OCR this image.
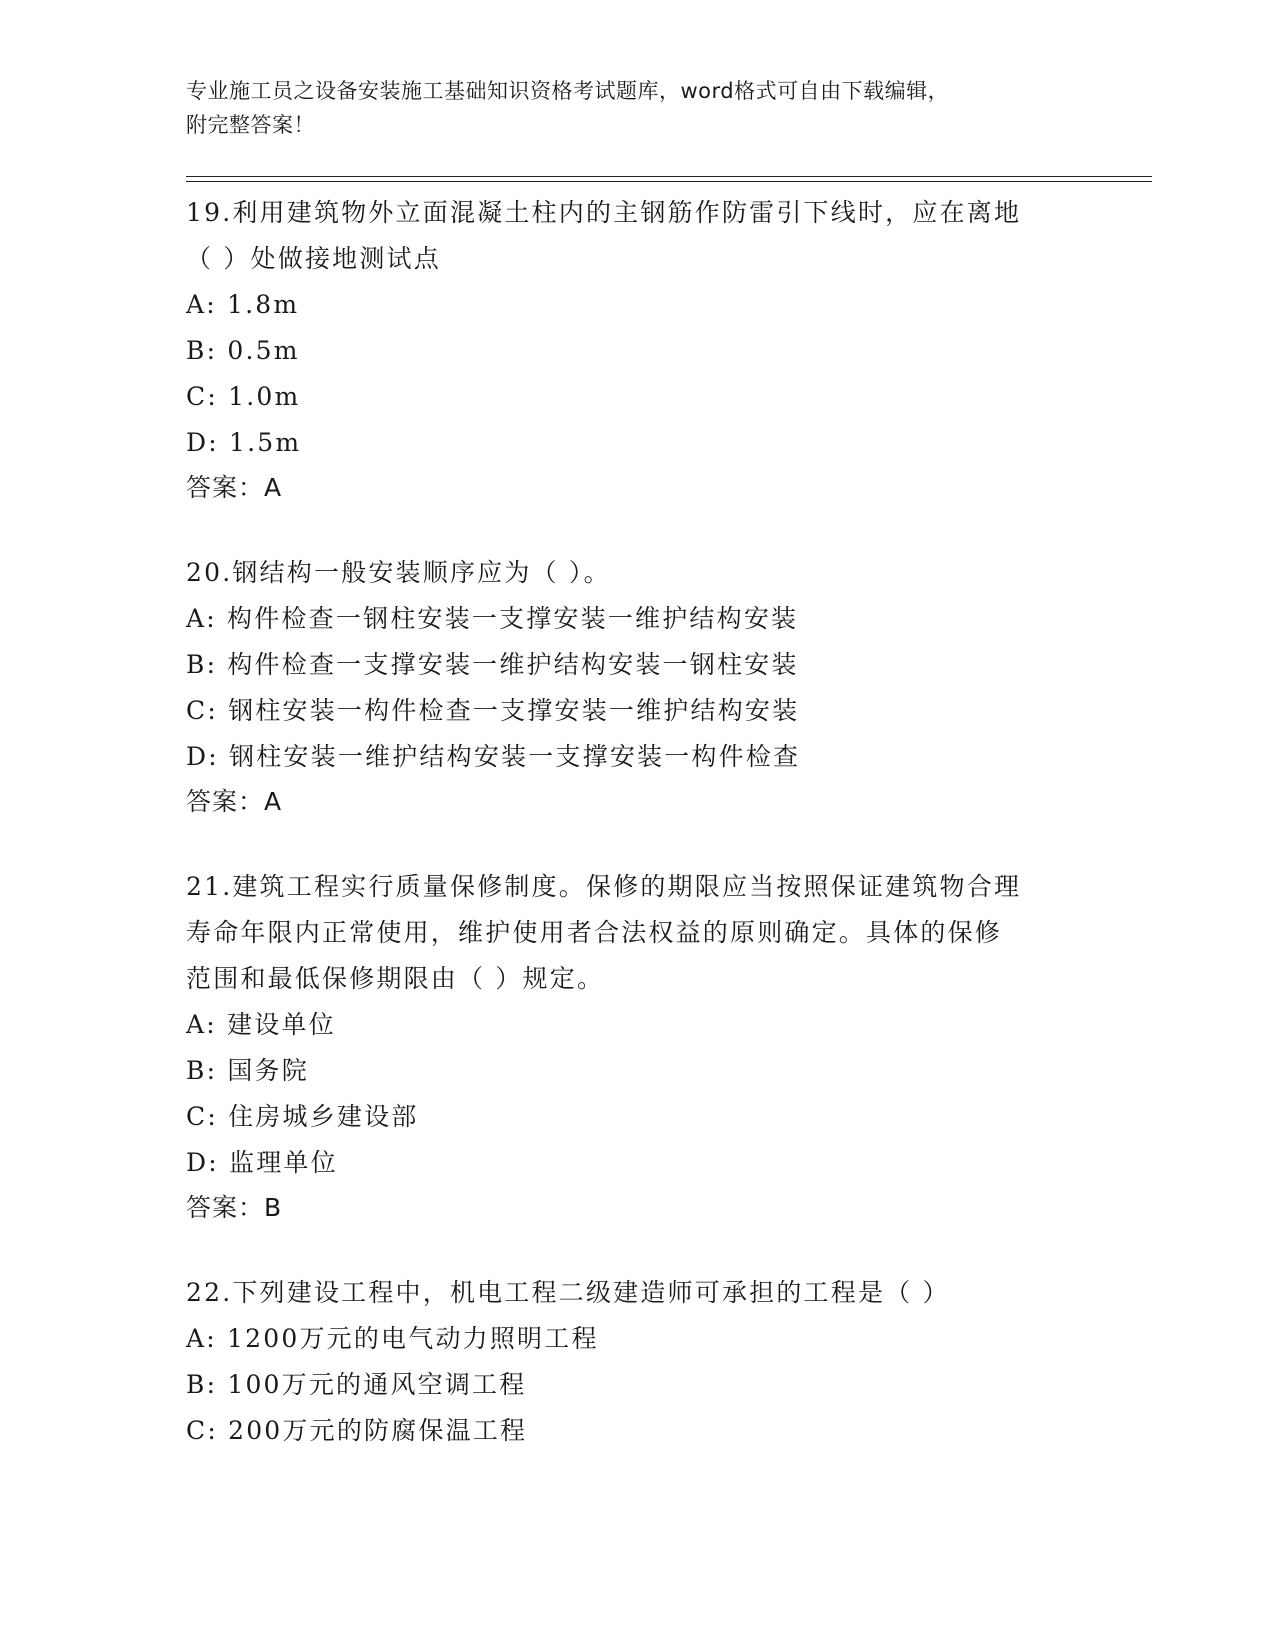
专业施工员之设备安装施工基础知识资格考试题库，word格式可自由下载编辑，
附完整答案！
19.利用建筑物外立面混凝土柱内的主钢筋作防雷引下线时，应在离地
（ ）处做接地测试点
A: 1.8m
B: 0.5m
C: 1.0m
D: 1.5m
答案：A
20.钢结构一般安装顺序应为（ ）。
A: 构件检查一钢柱安装一支撑安装一维护结构安装
B: 构件检查一支撑安装一维护结构安装一钢柱安装
C: 钢柱安装一构件检查一支撑安装一维护结构安装
D: 钢柱安装一维护结构安装一支撑安装一构件检查
答案：A
21.建筑工程实行质量保修制度。保修的期限应当按照保证建筑物合理
寿命年限内正常使用，维护使用者合法权益的原则确定。具体的保修
范围和最低保修期限由（ ）规定。
A: 建设单位
B: 国务院
C: 住房城乡建设部
D: 监理单位
答案：B
22.下列建设工程中，机电工程二级建造师可承担的工程是（ ）
A: 1200万元的电气动力照明工程
B: 100万元的通风空调工程
C: 200万元的防腐保温工程
